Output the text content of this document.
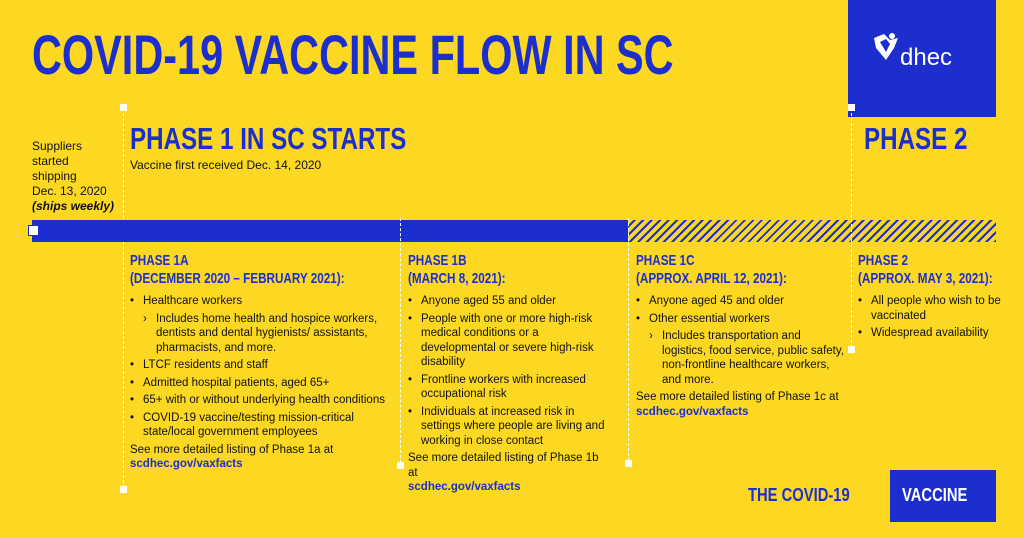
COVID-19 VACCINE FLOW IN SC	dhec
Suppliers
started
shipping
Dec. 13, 2020
(ships weekly)
PHASE 1 IN SC STARTS
Vaccine first received Dec. 14, 2020
PHASE 2
PHASE 1A
(DECEMBER 2020 – FEBRUARY 2021):
• Healthcare workers
› Includes home health and hospice workers, dentists and dental hygienists/ assistants, pharmacists, and more.
• LTCF residents and staff
• Admitted hospital patients, aged 65+
• 65+ with or without underlying health conditions
• COVID-19 vaccine/testing mission-critical state/local government employees
See more detailed listing of Phase 1a at
scdhec.gov/vaxfacts
PHASE 1B
(MARCH 8, 2021):
• Anyone aged 55 and older
• People with one or more high-risk medical conditions or a developmental or severe high-risk disability
• Frontline workers with increased occupational risk
• Individuals at increased risk in settings where people are living and working in close contact
See more detailed listing of Phase 1b at
scdhec.gov/vaxfacts
PHASE 1C
(APPROX. APRIL 12, 2021):
• Anyone aged 45 and older
• Other essential workers
› Includes transportation and logistics, food service, public safety, non-frontline healthcare workers, and more.
See more detailed listing of Phase 1c at
scdhec.gov/vaxfacts
PHASE 2
(APPROX. MAY 3, 2021):
• All people who wish to be vaccinated
• Widespread availability
THE COVID-19	VACCINE
